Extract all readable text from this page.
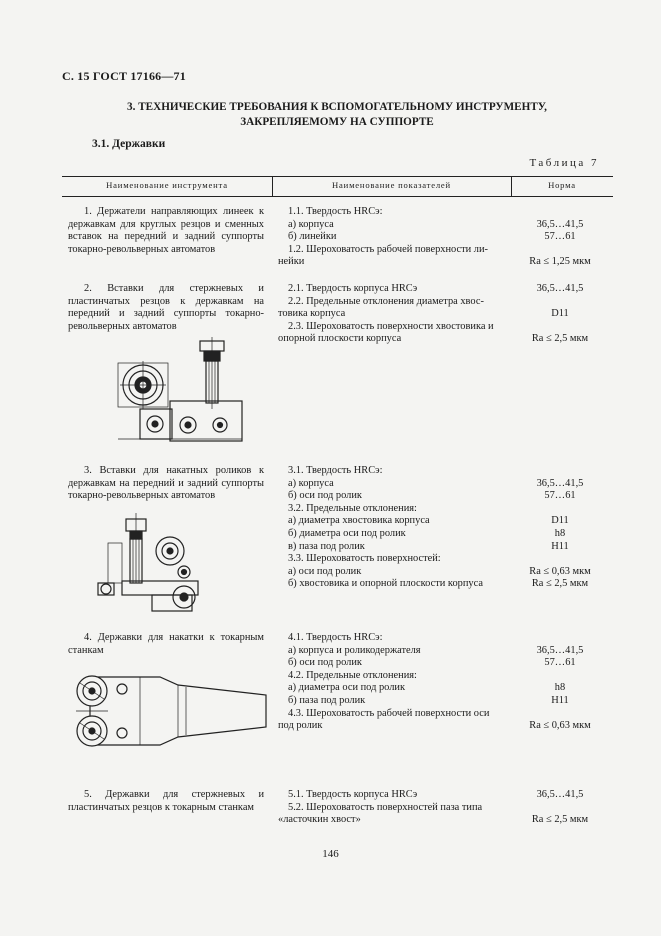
С. 15 ГОСТ 17166—71
3. ТЕХНИЧЕСКИЕ ТРЕБОВАНИЯ К ВСПОМОГАТЕЛЬНОМУ ИНСТРУМЕНТУ,
ЗАКРЕПЛЯЕМОМУ НА СУППОРТЕ
3.1. Державки
Таблица 7
Наименование инструмента	Наименование показателей	Норма
1. Держатели направляющих линеек к державкам для круглых резцов и сменных вставок на передний и задний суппорты токарно-револьверных автоматов
1.1. Твердость HRCэ:
а) корпуса
б) линейки
1.2. Шероховатость рабочей поверхности ли-
нейки
36,5…41,5
57…61
Ra ≤ 1,25 мкм
2. Вставки для стержневых и пластинчатых резцов к державкам на передний и задний суппорты токарно-револьверных автоматов
2.1. Твердость корпуса HRCэ
2.2. Предельные отклонения диаметра хвос-
товика корпуса
2.3. Шероховатость поверхности хвостовика и
опорной плоскости корпуса
36,5…41,5
D11
Ra ≤ 2,5 мкм
3. Вставки для накатных роликов к державкам на передний и задний суппорты токарно-револьверных автоматов
3.1. Твердость HRCэ:
а) корпуса
б) оси под ролик
3.2. Предельные отклонения:
а) диаметра хвостовика корпуса
б) диаметра оси под ролик
в) паза под ролик
3.3. Шероховатость поверхностей:
а) оси под ролик
б) хвостовика и опорной плоскости корпуса
36,5…41,5
57…61
D11
h8
H11
Ra ≤ 0,63 мкм
Ra ≤ 2,5 мкм
4. Державки для накатки к токарным станкам
4.1. Твердость HRCэ:
а) корпуса и роликодержателя
б) оси под ролик
4.2. Предельные отклонения:
а) диаметра оси под ролик
б) паза под ролик
4.3. Шероховатость рабочей поверхности оси
под ролик
36,5…41,5
57…61
h8
H11
Ra ≤ 0,63 мкм
5. Державки для стержневых и пластинчатых резцов к токарным станкам
5.1. Твердость корпуса HRCэ
5.2. Шероховатость поверхностей паза типа
«ласточкин хвост»
36,5…41,5
Ra ≤ 2,5 мкм
146
